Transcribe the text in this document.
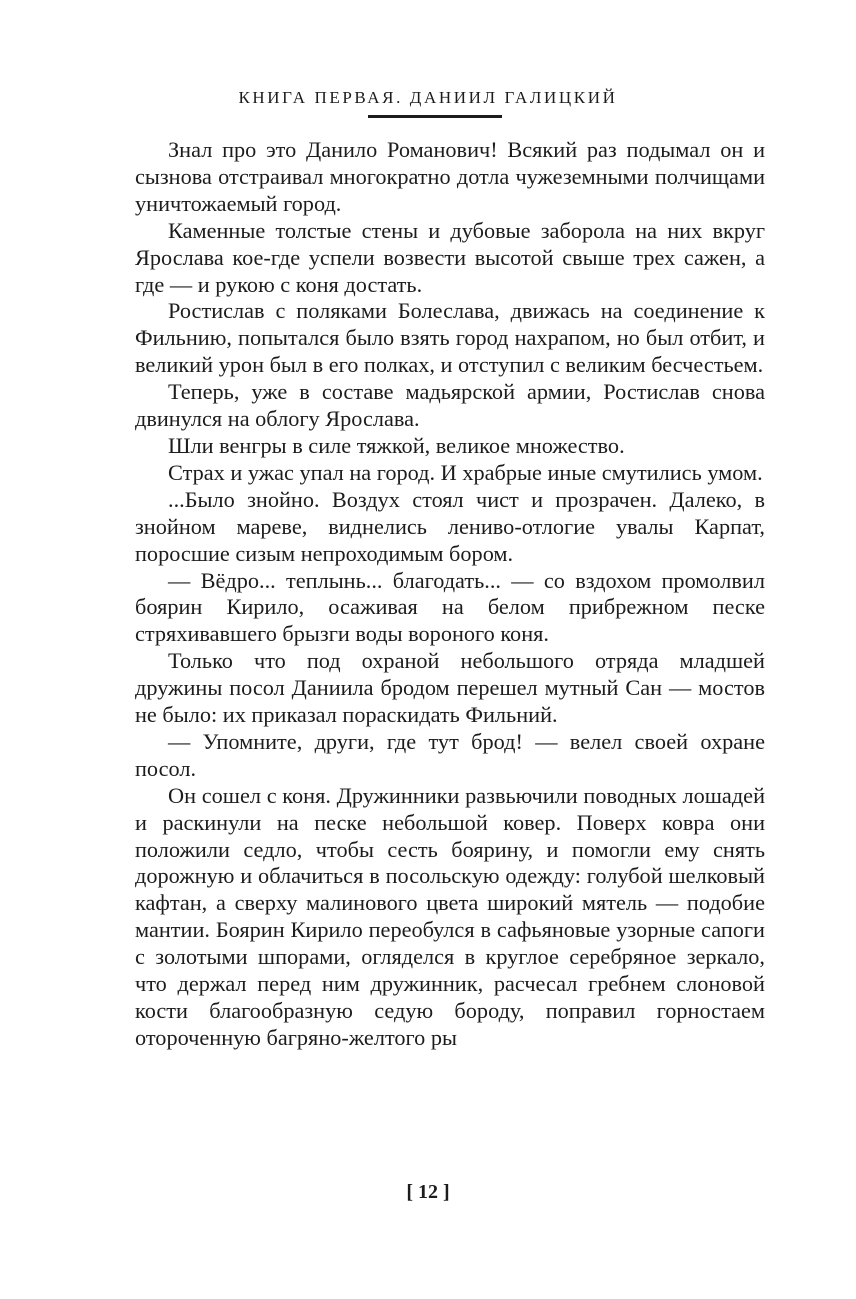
КНИГА ПЕРВАЯ. ДАНИИЛ ГАЛИЦКИЙ

Знал про это Данило Романович! Всякий раз подымал он и сызнова отстраивал многократно дотла чужеземными полчищами уничтожаемый город.

Каменные толстые стены и дубовые заборола на них вкруг Ярослава кое-где успели возвести высотой свыше трех сажен, а где — и рукою с коня достать.

Ростислав с поляками Болеслава, движась на соединение к Фильнию, попытался было взять город нахрапом, но был отбит, и великий урон был в его полках, и отступил с великим бесчестьем.

Теперь, уже в составе мадьярской армии, Ростислав снова двинулся на облогу Ярослава.

Шли венгры в силе тяжкой, великое множество.

Страх и ужас упал на город. И храбрые иные смутились умом.

...Было знойно. Воздух стоял чист и прозрачен. Далеко, в знойном мареве, виднелись лениво-отлогие увалы Карпат, поросшие сизым непроходимым бором.

— Вёдро... теплынь... благодать... — со вздохом промолвил боярин Кирило, осаживая на белом прибрежном песке стряхивавшего брызги воды вороного коня.

Только что под охраной небольшого отряда младшей дружины посол Даниила бродом перешел мутный Сан — мостов не было: их приказал пораскидать Фильний.

— Упомните, други, где тут брод! — велел своей охране посол.

Он сошел с коня. Дружинники развьючили поводных лошадей и раскинули на песке небольшой ковер. Поверх ковра они положили седло, чтобы сесть боярину, и помогли ему снять дорожную и облачиться в посольскую одежду: голубой шелковый кафтан, а сверху малинового цвета широкий мятель — подобие мантии. Боярин Кирило переобулся в сафьяновые узорные сапоги с золотыми шпорами, огляделся в круглое серебряное зеркало, что держал перед ним дружинник, расчесал гребнем слоновой кости благообразную седую бороду, поправил горностаем отороченную багряно-желтого ры

[ 12 ]
